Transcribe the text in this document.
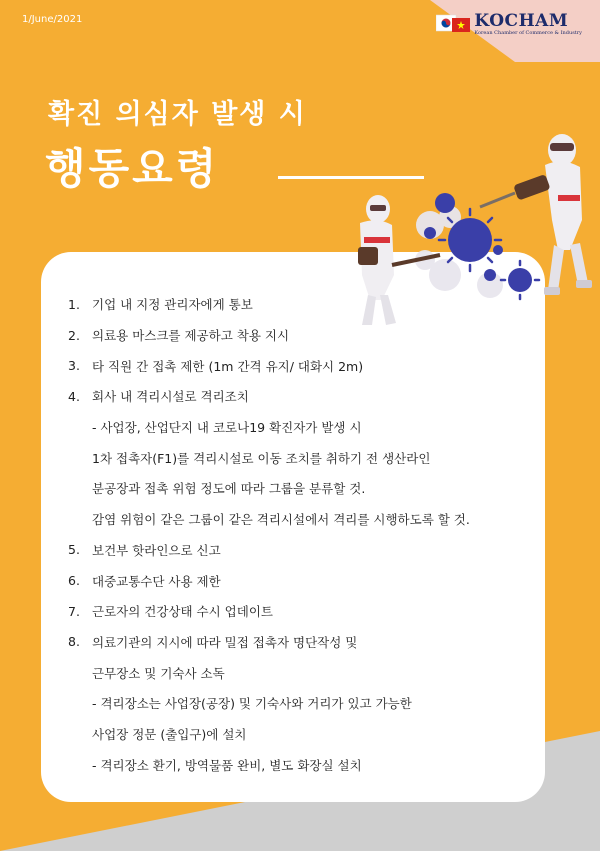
1/June/2021	KOCHAM
Korean Chamber of Commerce & Industry
확진 의심자 발생 시
행동요령
1. 기업 내 지정 관리자에게 통보
2. 의료용 마스크를 제공하고 착용 지시
3. 타 직원 간 접촉 제한 (1m 간격 유지/ 대화시 2m)
4. 회사 내 격리시설로 격리조치
- 사업장, 산업단지 내 코로나19 확진자가 발생 시
1차 접촉자(F1)를 격리시설로 이동 조치를 취하기 전 생산라인
분공장과 접촉 위험 정도에 따라 그룹을 분류할 것.
감염 위험이 같은 그룹이 같은 격리시설에서 격리를 시행하도록 할 것.
5. 보건부 핫라인으로 신고
6. 대중교통수단 사용 제한
7. 근로자의 건강상태 수시 업데이트
8. 의료기관의 지시에 따라 밀접 접촉자 명단작성 및
근무장소 및 기숙사 소독
- 격리장소는 사업장(공장) 및 기숙사와 거리가 있고 가능한
사업장 정문 (출입구)에 설치
- 격리장소 환기, 방역물품 완비, 별도 화장실 설치
